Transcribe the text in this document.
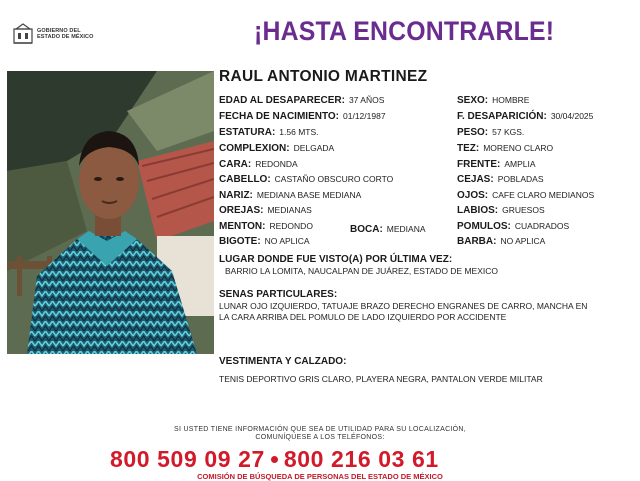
GOBIERNO DEL
ESTADO DE MÉXICO	¡HASTA ENCONTRARLE!
RAUL ANTONIO MARTINEZ
EDAD AL DESAPARECER: 37 AÑOS
FECHA DE NACIMIENTO: 01/12/1987
ESTATURA: 1.56 MTS.
COMPLEXION: DELGADA
CARA: REDONDA
CABELLO: CASTAÑO OBSCURO CORTO
NARIZ: MEDIANA BASE MEDIANA
OREJAS: MEDIANAS
MENTON: REDONDO	BOCA: MEDIANA
BIGOTE: NO APLICA
SEXO: HOMBRE
F. DESAPARICIÓN: 30/04/2025
PESO: 57 KGS.
TEZ: MORENO CLARO
FRENTE: AMPLIA
CEJAS: POBLADAS
OJOS: CAFE CLARO MEDIANOS
LABIOS: GRUESOS
POMULOS: CUADRADOS
BARBA: NO APLICA
LUGAR DONDE FUE VISTO(A) POR ÚLTIMA VEZ:
BARRIO LA LOMITA, NAUCALPAN DE JUÁREZ, ESTADO DE MEXICO
SENAS PARTICULARES:
LUNAR OJO IZQUIERDO, TATUAJE BRAZO DERECHO ENGRANES DE CARRO, MANCHA EN LA CARA ARRIBA DEL POMULO DE LADO IZQUIERDO POR ACCIDENTE
VESTIMENTA Y CALZADO:
TENIS DEPORTIVO GRIS CLARO, PLAYERA NEGRA, PANTALON VERDE MILITAR
SI USTED TIENE INFORMACIÓN QUE SEA DE UTILIDAD PARA SU LOCALIZACIÓN,
COMUNÍQUESE A LOS TELÉFONOS:
800 509 09 27 800 216 03 61
COMISIÓN DE BÚSQUEDA DE PERSONAS DEL ESTADO DE MÉXICO
